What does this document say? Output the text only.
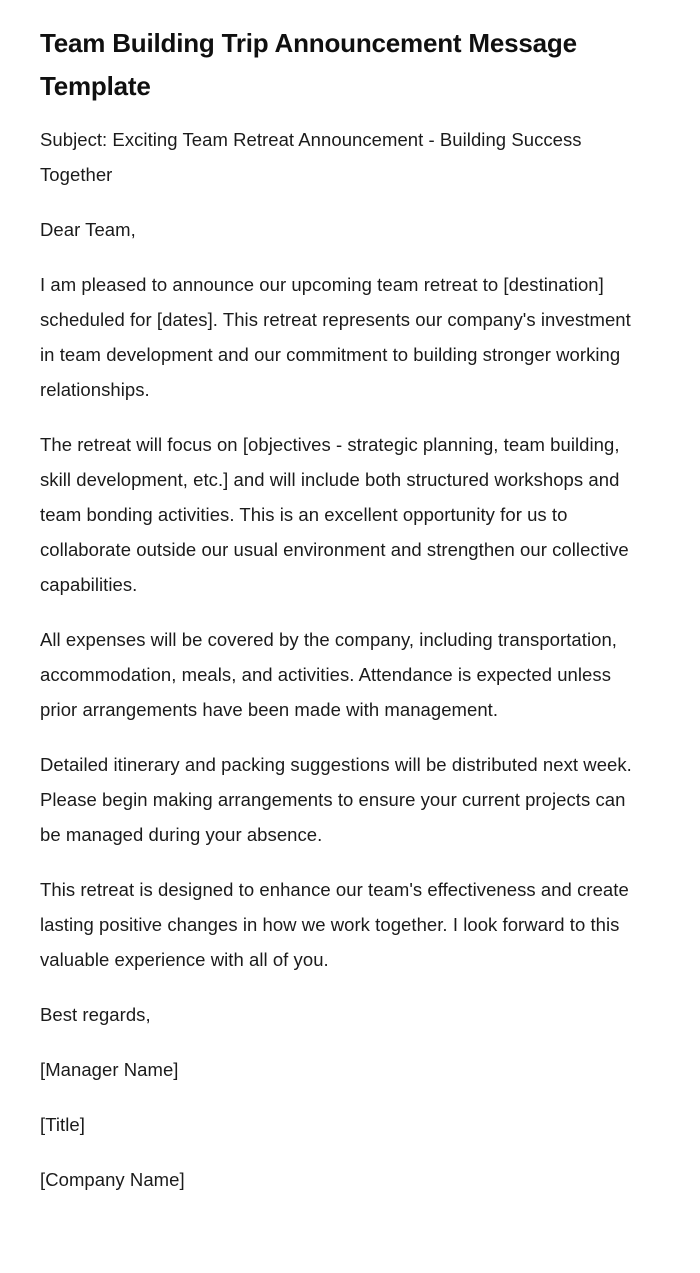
Team Building Trip Announcement Message Template

Subject: Exciting Team Retreat Announcement - Building Success Together

Dear Team,

I am pleased to announce our upcoming team retreat to [destination] scheduled for [dates]. This retreat represents our company's investment in team development and our commitment to building stronger working relationships.

The retreat will focus on [objectives - strategic planning, team building, skill development, etc.] and will include both structured workshops and team bonding activities. This is an excellent opportunity for us to collaborate outside our usual environment and strengthen our collective capabilities.

All expenses will be covered by the company, including transportation, accommodation, meals, and activities. Attendance is expected unless prior arrangements have been made with management.

Detailed itinerary and packing suggestions will be distributed next week. Please begin making arrangements to ensure your current projects can be managed during your absence.

This retreat is designed to enhance our team's effectiveness and create lasting positive changes in how we work together. I look forward to this valuable experience with all of you.

Best regards,

[Manager Name]

[Title]

[Company Name]
